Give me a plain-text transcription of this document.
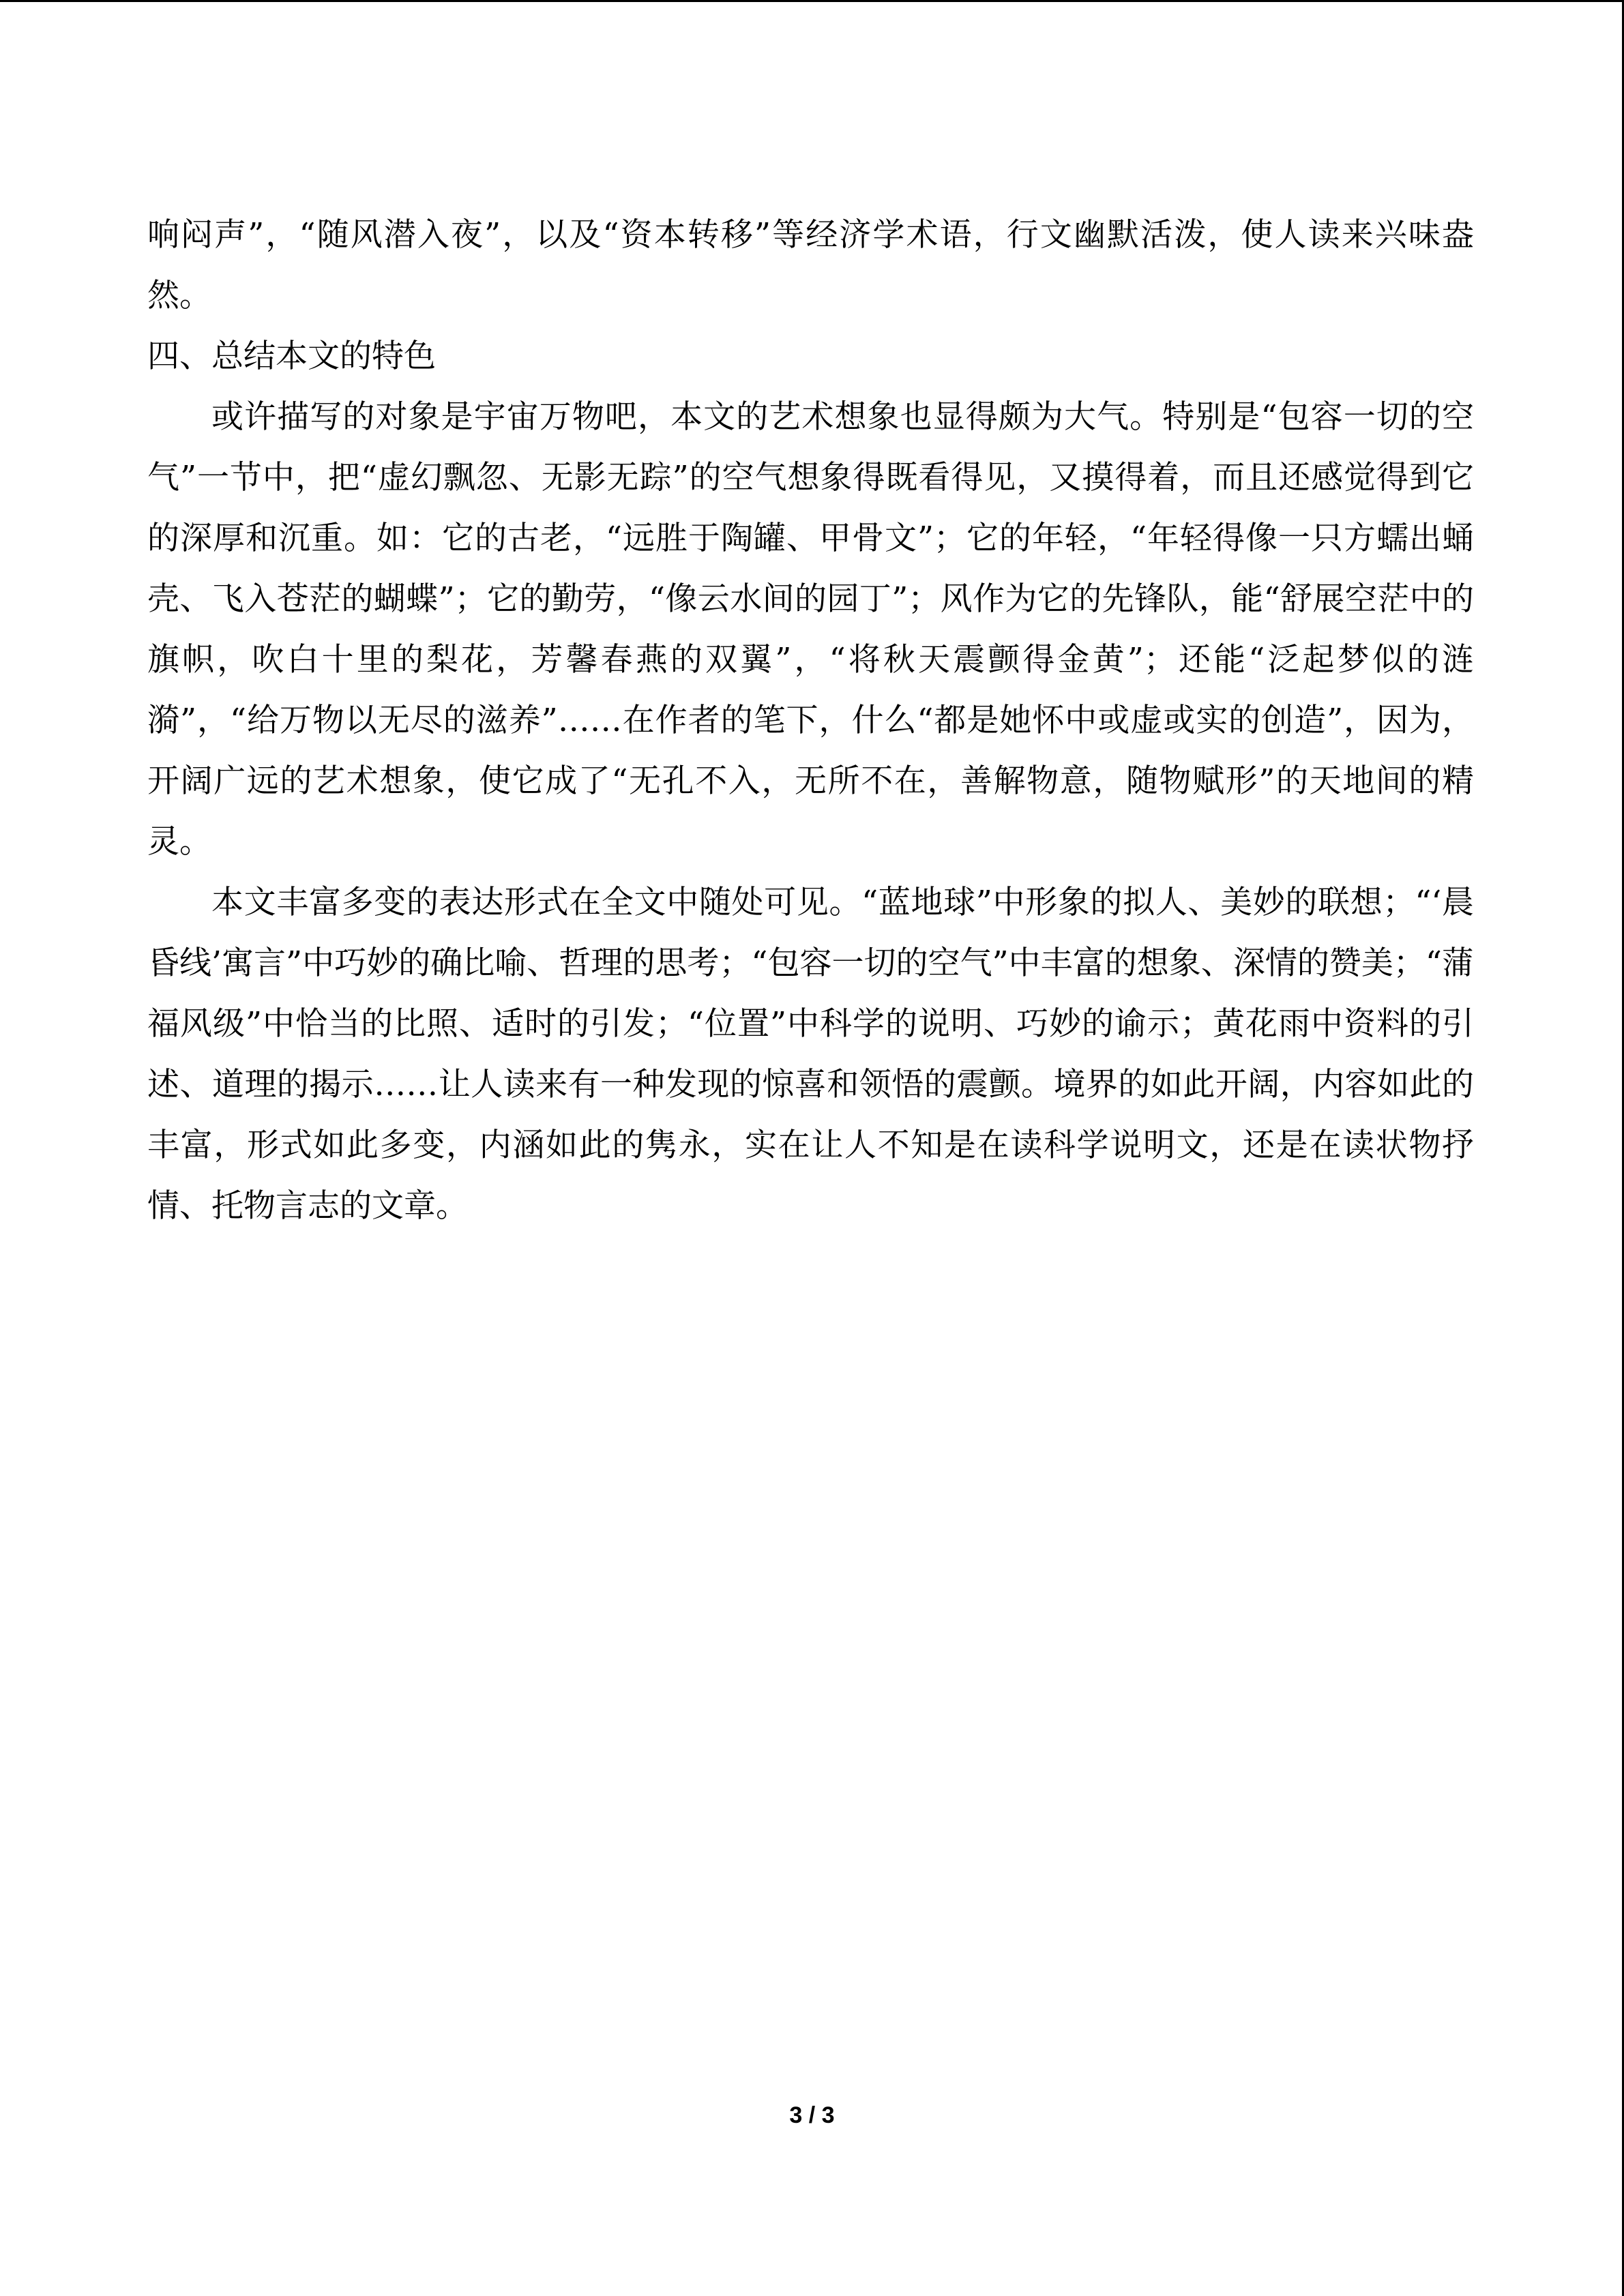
响闷声”，“随风潜入夜”，以及“资本转移”等经济学术语，行文幽默活泼，使人读来兴味盎然。

四、总结本文的特色

或许描写的对象是宇宙万物吧，本文的艺术想象也显得颇为大气。特别是“包容一切的空气”一节中，把“虚幻飘忽、无影无踪”的空气想象得既看得见，又摸得着，而且还感觉得到它的深厚和沉重。如：它的古老，“远胜于陶罐、甲骨文”；它的年轻，“年轻得像一只方蠕出蛹壳、飞入苍茫的蝴蝶”；它的勤劳，“像云水间的园丁”；风作为它的先锋队，能“舒展空茫中的旗帜，吹白十里的梨花，芳馨春燕的双翼”，“将秋天震颤得金黄”；还能“泛起梦似的涟漪”，“给万物以无尽的滋养”……在作者的笔下，什么“都是她怀中或虚或实的创造”，因为，开阔广远的艺术想象，使它成了“无孔不入，无所不在，善解物意，随物赋形”的天地间的精灵。

本文丰富多变的表达形式在全文中随处可见。“蓝地球”中形象的拟人、美妙的联想；“‘晨昏线’寓言”中巧妙的确比喻、哲理的思考；“包容一切的空气”中丰富的想象、深情的赞美；“蒲福风级”中恰当的比照、适时的引发；“位置”中科学的说明、巧妙的谕示；黄花雨中资料的引述、道理的揭示……让人读来有一种发现的惊喜和领悟的震颤。境界的如此开阔，内容如此的丰富，形式如此多变，内涵如此的隽永，实在让人不知是在读科学说明文，还是在读状物抒情、托物言志的文章。

3 / 3
